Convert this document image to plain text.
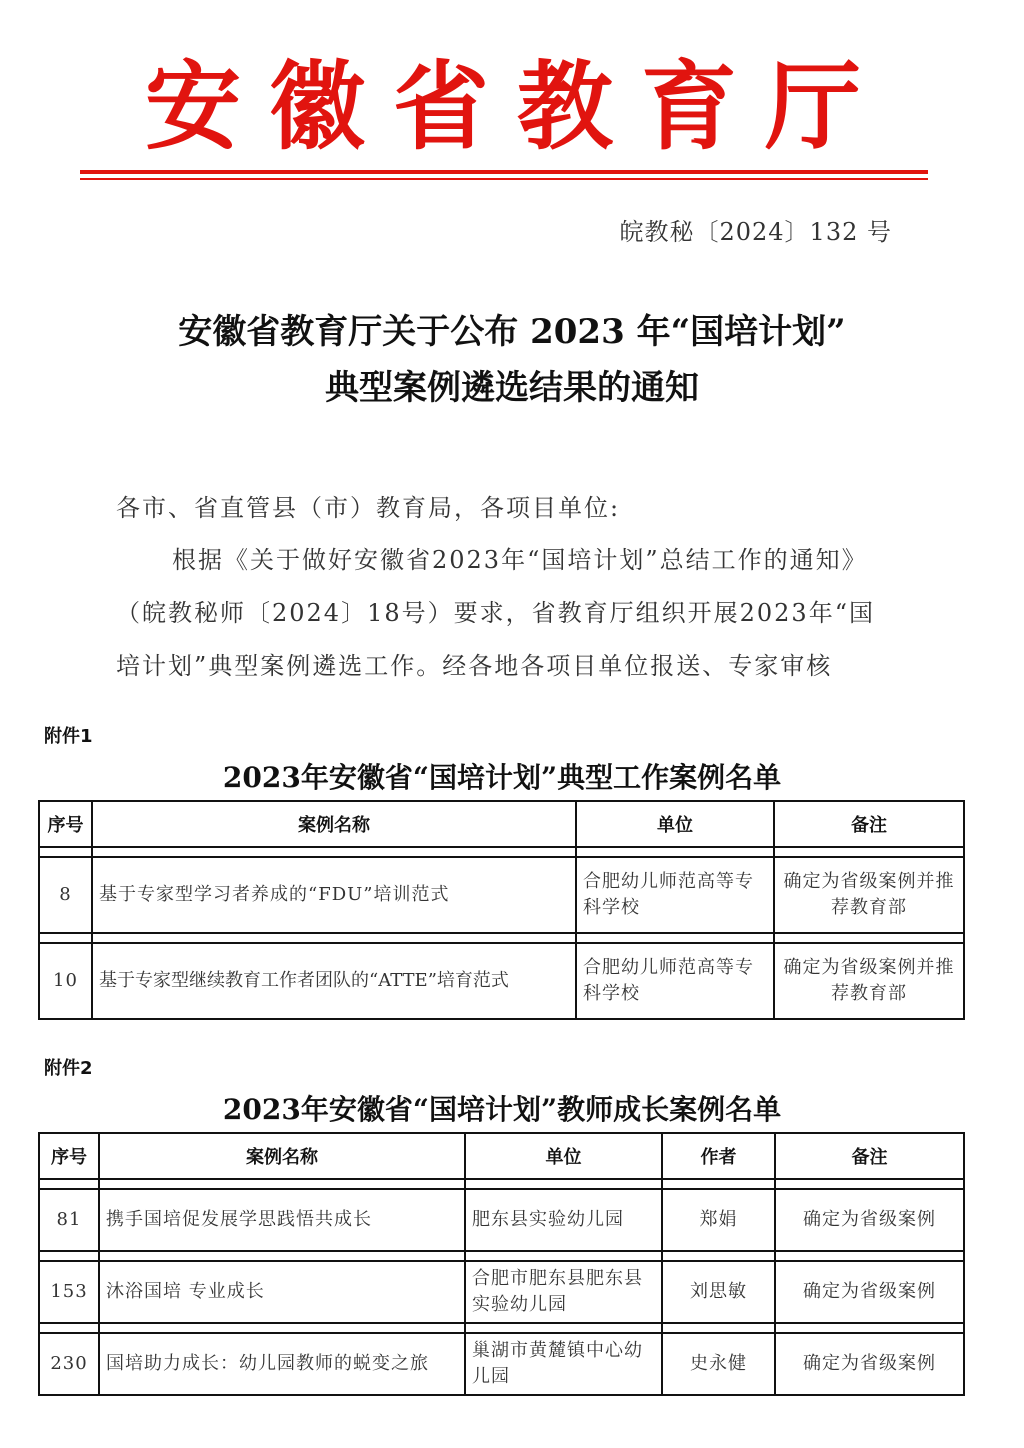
安徽省教育厅
皖教秘〔2024〕132 号
安徽省教育厅关于公布 2023 年“国培计划”
典型案例遴选结果的通知
各市、省直管县（市）教育局，各项目单位:
根据《关于做好安徽省2023年“国培计划”总结工作的通知》
（皖教秘师〔2024〕18号）要求，省教育厅组织开展2023年“国
培计划”典型案例遴选工作。经各地各项目单位报送、专家审核
附件1
2023年安徽省“国培计划”典型工作案例名单
序号	案例名称	单位	备注

8	基于专家型学习者养成的“FDU”培训范式	合肥幼儿师范高等专科学校	确定为省级案例并推荐教育部

10	基于专家型继续教育工作者团队的“ATTE”培育范式	合肥幼儿师范高等专科学校	确定为省级案例并推荐教育部
附件2
2023年安徽省“国培计划”教师成长案例名单
序号	案例名称	单位	作者	备注

81	携手国培促发展学思践悟共成长	肥东县实验幼儿园	郑娟	确定为省级案例

153	沐浴国培 专业成长	合肥市肥东县肥东县实验幼儿园	刘思敏	确定为省级案例

230	国培助力成长：幼儿园教师的蜕变之旅	巢湖市黄麓镇中心幼儿园	史永健	确定为省级案例
